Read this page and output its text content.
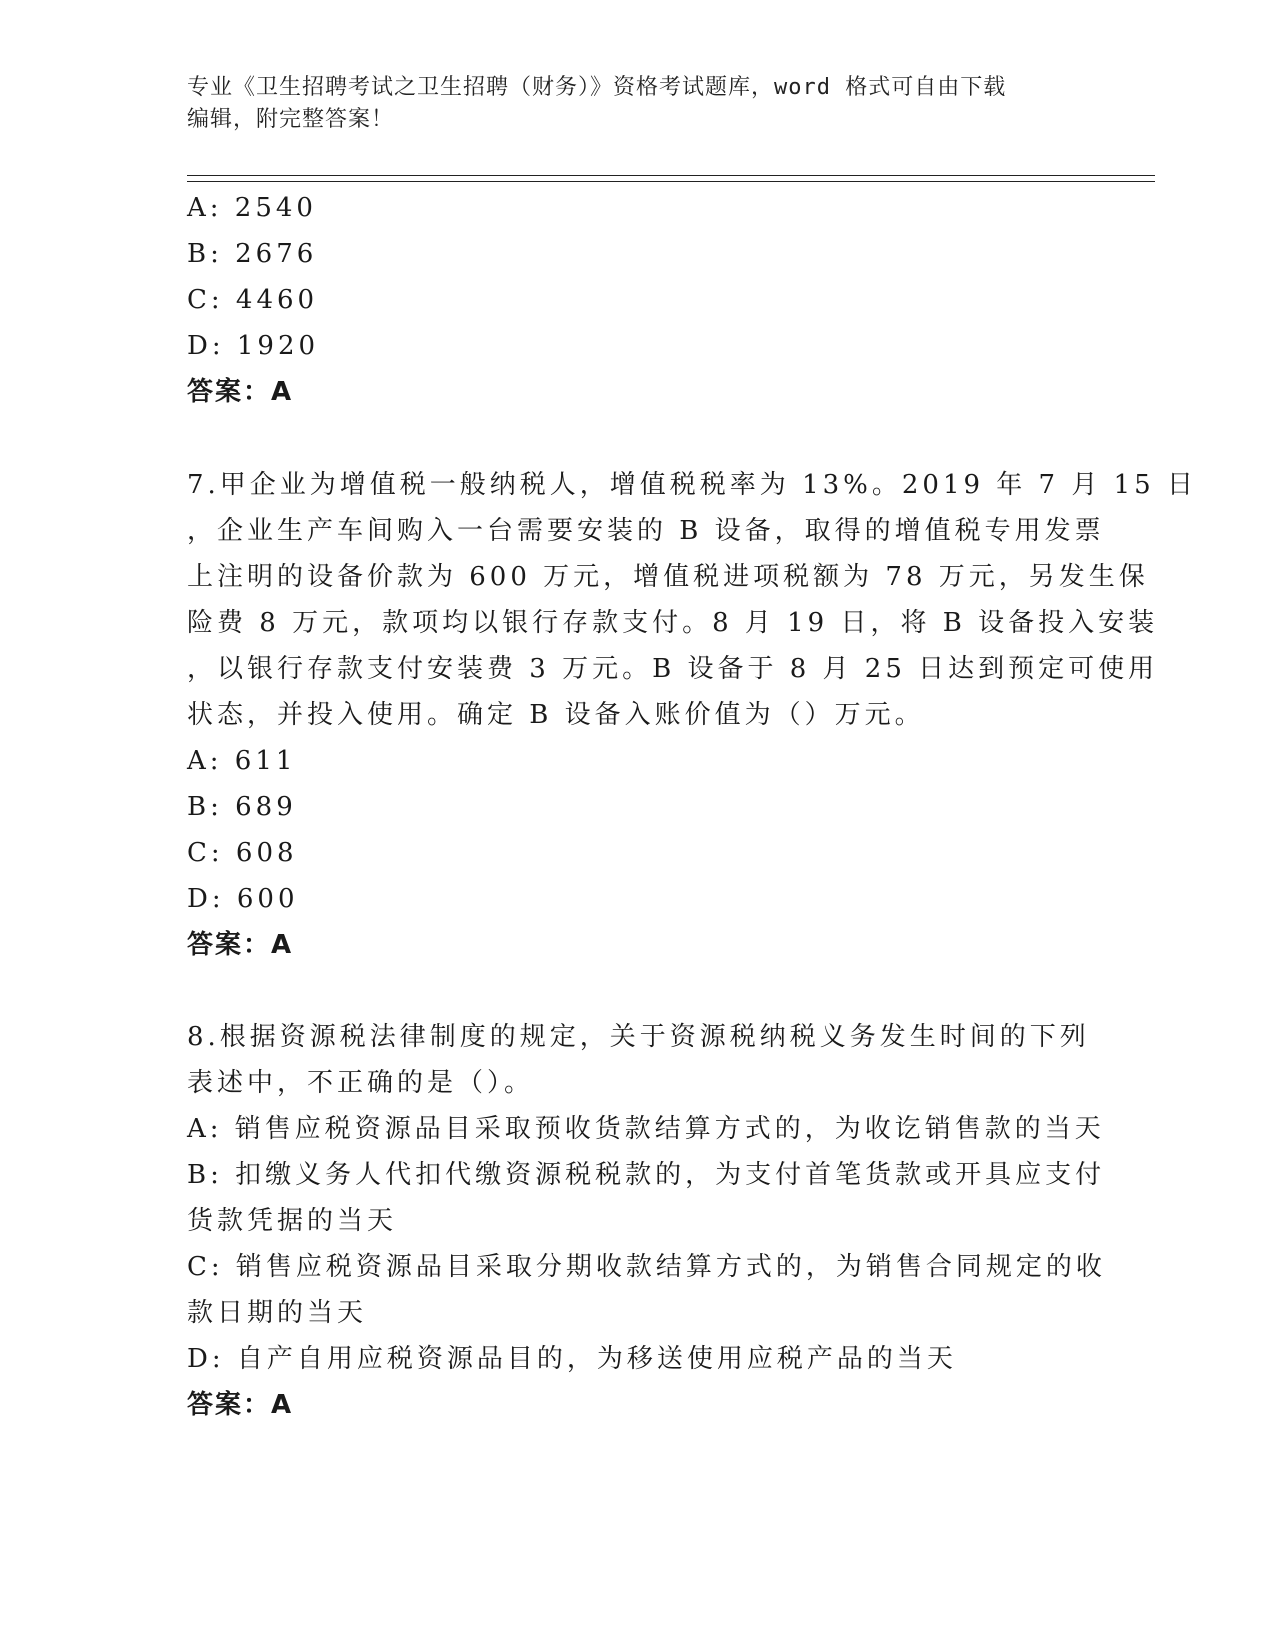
专业《卫生招聘考试之卫生招聘（财务）》资格考试题库，word 格式可自由下载
编辑，附完整答案！
A: 2540
B: 2676
C: 4460
D: 1920
答案：A
7.甲企业为增值税一般纳税人，增值税税率为 13%。2019 年 7 月 15 日
，企业生产车间购入一台需要安装的 B 设备，取得的增值税专用发票
上注明的设备价款为 600 万元，增值税进项税额为 78 万元，另发生保
险费 8 万元，款项均以银行存款支付。8 月 19 日，将 B 设备投入安装
，以银行存款支付安装费 3 万元。B 设备于 8 月 25 日达到预定可使用
状态，并投入使用。确定 B 设备入账价值为（）万元。
A: 611
B: 689
C: 608
D: 600
答案：A
8.根据资源税法律制度的规定，关于资源税纳税义务发生时间的下列
表述中，不正确的是（）。
A: 销售应税资源品目采取预收货款结算方式的，为收讫销售款的当天
B: 扣缴义务人代扣代缴资源税税款的，为支付首笔货款或开具应支付
货款凭据的当天
C: 销售应税资源品目采取分期收款结算方式的，为销售合同规定的收
款日期的当天
D: 自产自用应税资源品目的，为移送使用应税产品的当天
答案：A
